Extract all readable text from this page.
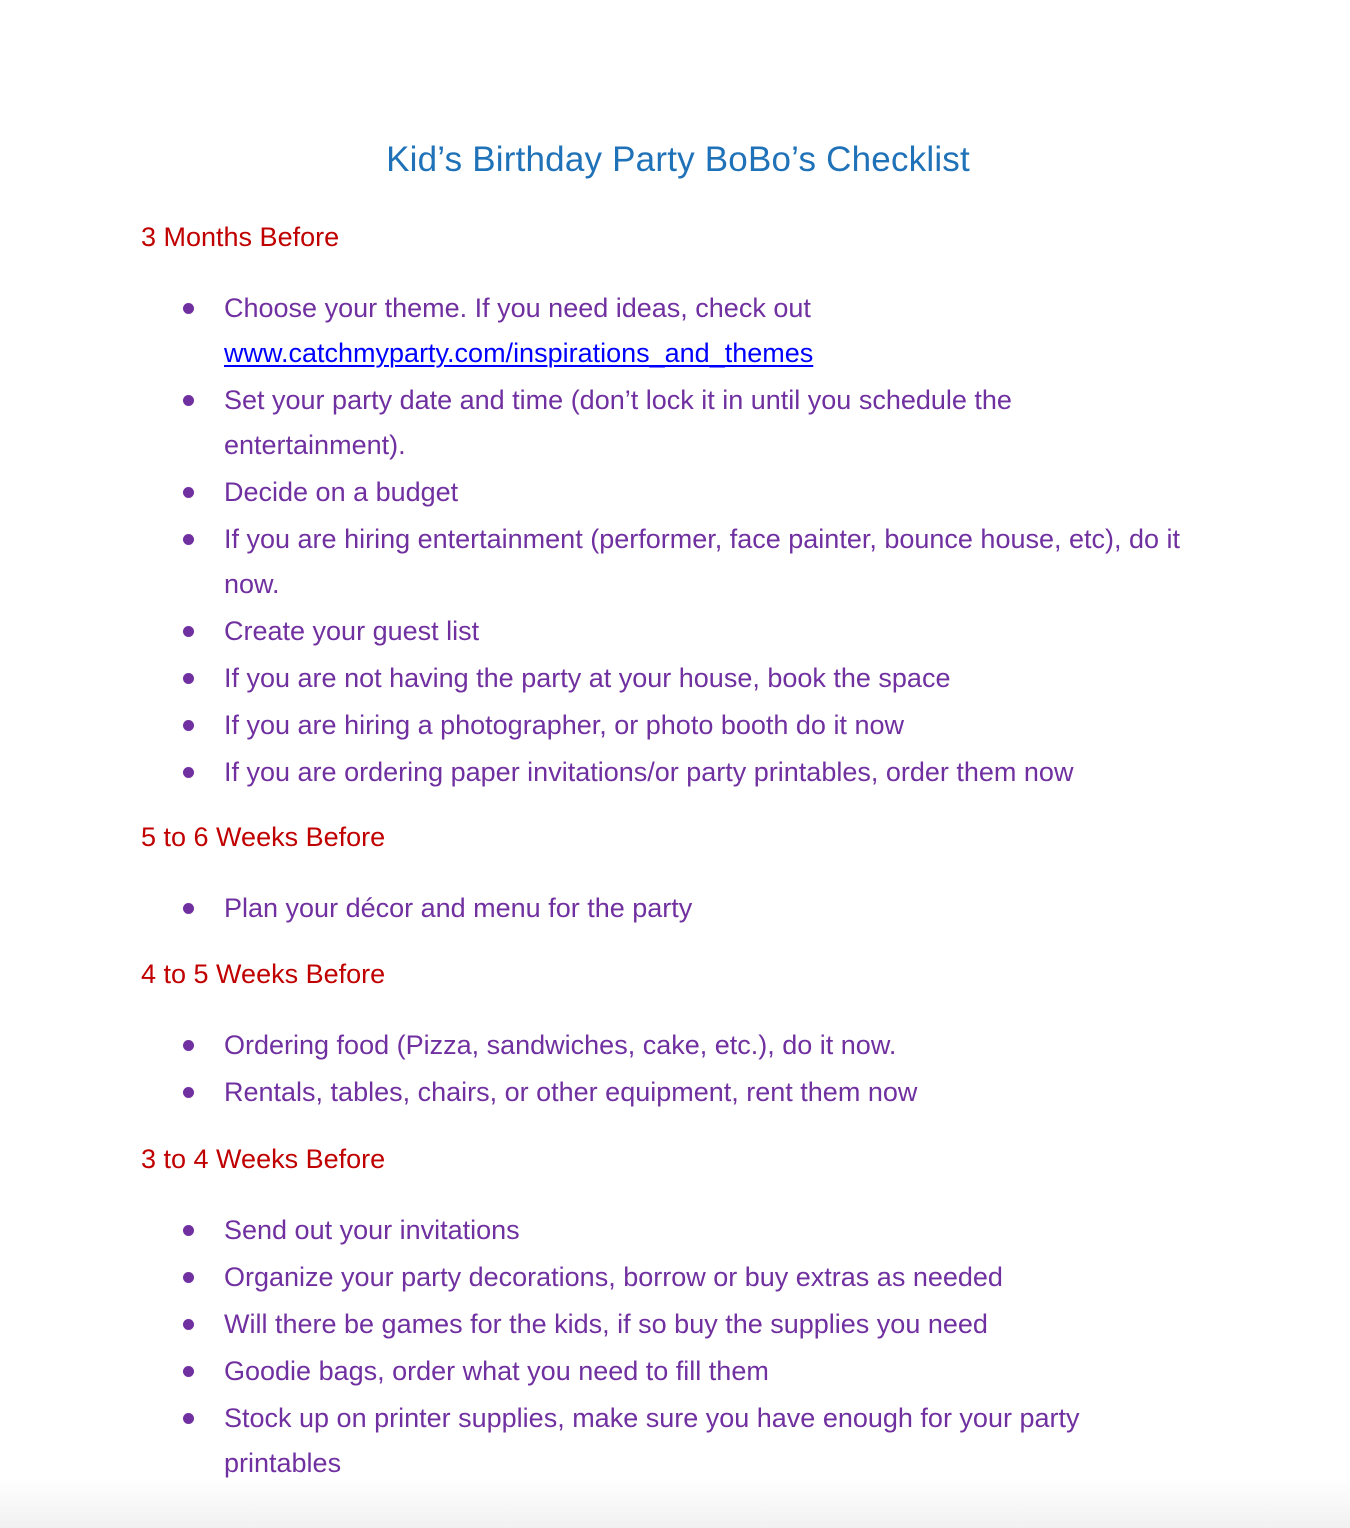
Kid’s Birthday Party BoBo’s Checklist
3 Months Before
Choose your theme. If you need ideas, check out
www.catchmyparty.com/inspirations_and_themes
Set your party date and time (don’t lock it in until you schedule the entertainment).
Decide on a budget
If you are hiring entertainment (performer, face painter, bounce house, etc), do it now.
Create your guest list
If you are not having the party at your house, book the space
If you are hiring a photographer, or photo booth do it now
If you are ordering paper invitations/or party printables, order them now
5 to 6 Weeks Before
Plan your décor and menu for the party
4 to 5 Weeks Before
Ordering food (Pizza, sandwiches, cake, etc.), do it now.
Rentals, tables, chairs, or other equipment, rent them now
3 to 4 Weeks Before
Send out your invitations
Organize your party decorations, borrow or buy extras as needed
Will there be games for the kids, if so buy the supplies you need
Goodie bags, order what you need to fill them
Stock up on printer supplies, make sure you have enough for your party printables
